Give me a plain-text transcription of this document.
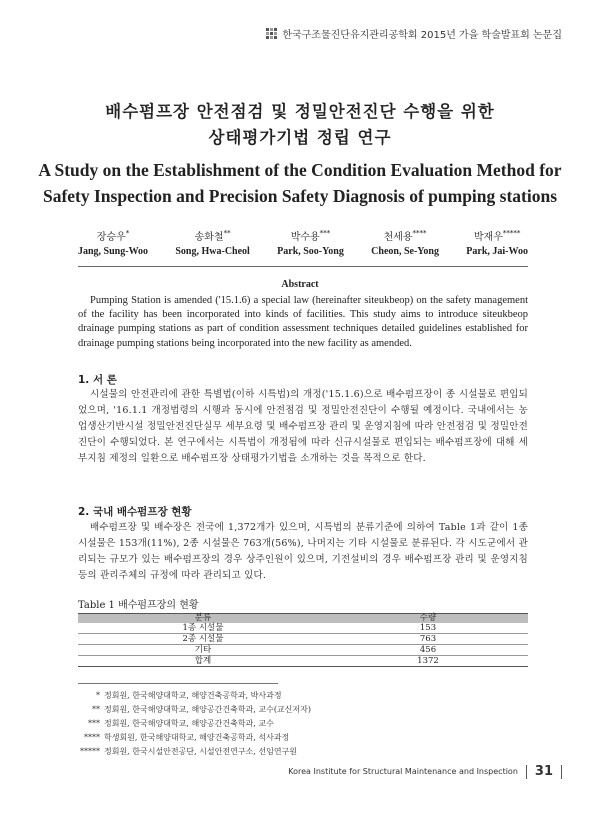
한국구조물진단유지관리공학회 2015년 가을 학술발표회 논문집
배수펌프장 안전점검 및 정밀안전진단 수행을 위한
상태평가기법 정립 연구
A Study on the Establishment of the Condition Evaluation Method for
Safety Inspection and Precision Safety Diagnosis of pumping stations
장승우*
Jang, Sung-Woo
송화철**
Song, Hwa-Cheol
박수용***
Park, Soo-Yong
천세용****
Cheon, Se-Yong
박재우*****
Park, Jai-Woo
Abstract
Pumping Station is amended ('15.1.6) a special law (hereinafter siteukbeop) on the safety management of the facility has been incorporated into kinds of facilities. This study aims to introduce siteukbeop drainage pumping stations as part of condition assessment techniques detailed guidelines established for drainage pumping stations being incorporated into the new facility as amended.
1. 서 론
시설물의 안전관리에 관한 특별법(이하 시특법)의 개정('15.1.6)으로 배수펌프장이 종 시설물로 편입되었으며, '16.1.1 개정법령의 시행과 동시에 안전점검 및 정밀안전진단이 수행될 예정이다. 국내에서는 농업생산기반시설 정밀안전진단실무 세부요령 및 배수펌프장 관리 및 운영지침에 따라 안전점검 및 정밀안전진단이 수행되었다. 본 연구에서는 시특법이 개정됨에 따라 신규시설물로 편입되는 배수펌프장에 대해 세부지침 제정의 일환으로 배수펌프장 상태평가기법을 소개하는 것을 목적으로 한다.
2. 국내 배수펌프장 현황
배수펌프장 및 배수장은 전국에 1,372개가 있으며, 시특법의 분류기준에 의하여 Table 1과 같이 1종 시설물은 153개(11%), 2종 시설물은 763개(56%), 나머지는 기타 시설물로 분류된다. 각 시도군에서 관리되는 규모가 있는 배수펌프장의 경우 상주인원이 있으며, 기전설비의 경우 배수펌프장 관리 및 운영지침 등의 관리주체의 규정에 따라 관리되고 있다.
Table 1 배수펌프장의 현황
분류	수량
1종 시설물	153
2종 시설물	763
기타	456
합계	1372
* 정회원, 한국해양대학교, 해양건축공학과, 박사과정
** 정회원, 한국해양대학교, 해양공간건축학과, 교수(교신저자)
*** 정회원, 한국해양대학교, 해양공간건축학과, 교수
**** 학생회원, 한국해양대학교, 해양건축공학과, 석사과정
***** 정회원, 한국시설안전공단, 시설안전연구소, 선임연구원
Korea Institute for Structural Maintenance and Inspection 31
